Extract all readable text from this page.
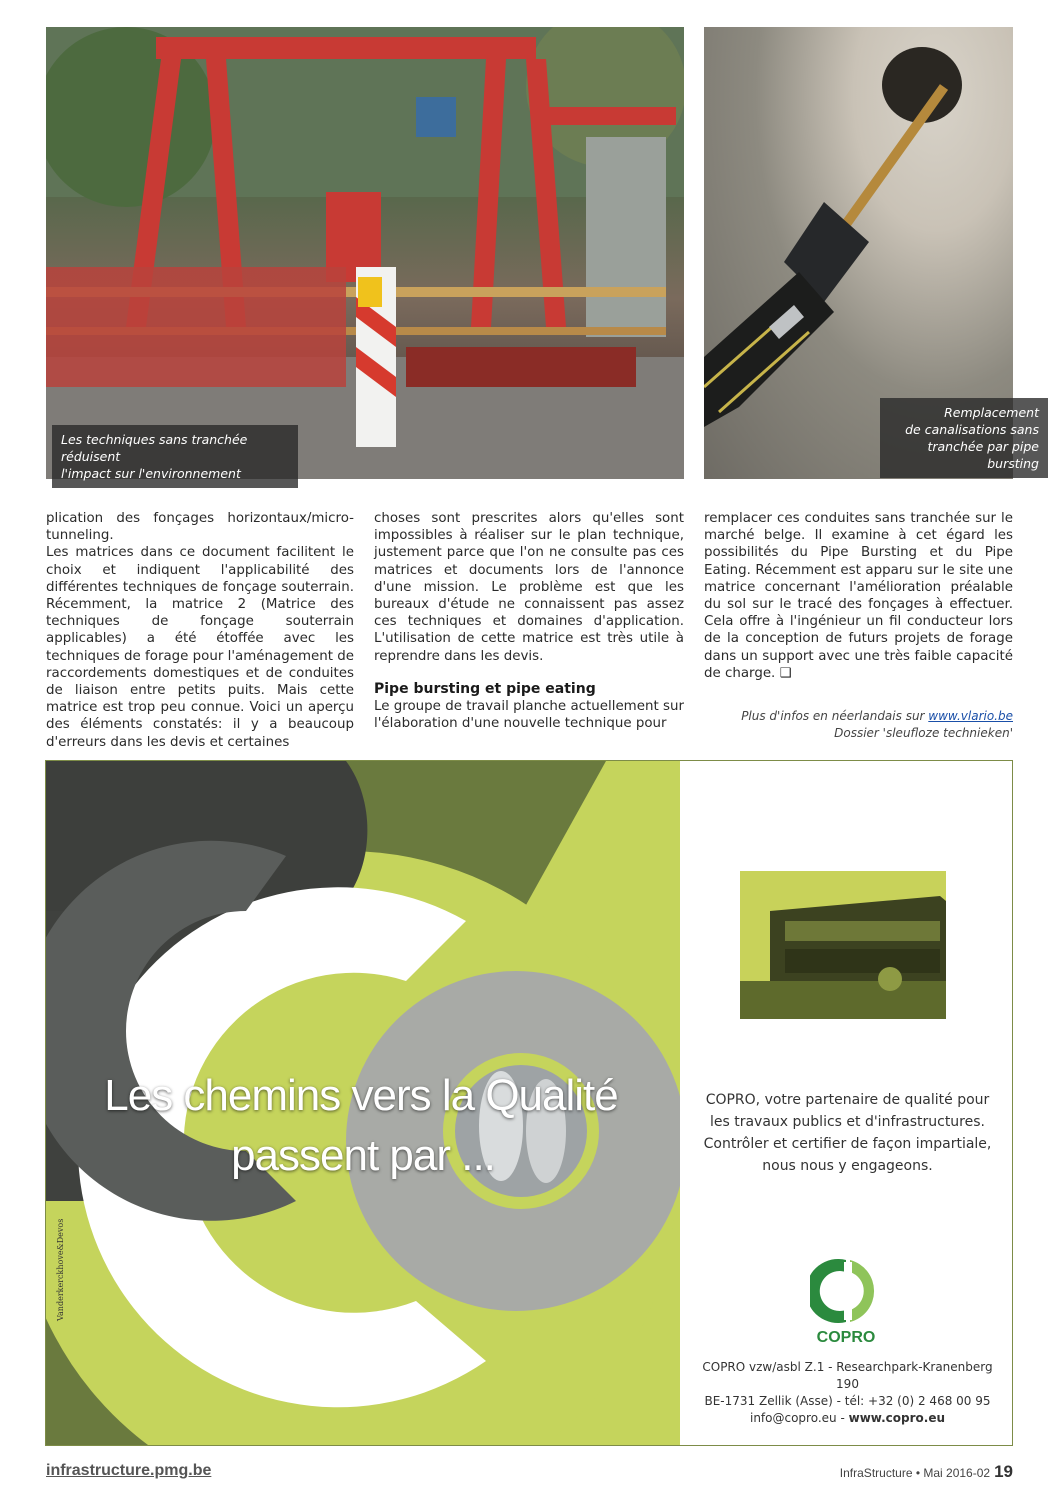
Les techniques sans tranchée réduisent
l'impact sur l'environnement
Remplacement
de canalisations sans
tranchée par pipe bursting

plication des fonçages horizontaux/micro-tunneling.
Les matrices dans ce document facilitent le choix et indiquent l'applicabilité des différentes techniques de fonçage souterrain. Récemment, la matrice 2 (Matrice des techniques de fonçage souterrain applicables) a été étoffée avec les techniques de forage pour l'aménagement de raccordements domestiques et de conduites de liaison entre petits puits. Mais cette matrice est trop peu connue. Voici un aperçu des éléments constatés: il y a beaucoup d'erreurs dans les devis et certaines

choses sont prescrites alors qu'elles sont impossibles à réaliser sur le plan technique, justement parce que l'on ne consulte pas ces matrices et documents lors de l'annonce d'une mission. Le problème est que les bureaux d'étude ne connaissent pas assez ces techniques et domaines d'application. L'utilisation de cette matrice est très utile à reprendre dans les devis.

Pipe bursting et pipe eating

Le groupe de travail planche actuellement sur l'élaboration d'une nouvelle technique pour

remplacer ces conduites sans tranchée sur le marché belge. Il examine à cet égard les possibilités du Pipe Bursting et du Pipe Eating. Récemment est apparu sur le site une matrice concernant l'amélioration préalable du sol sur le tracé des fonçages à effectuer. Cela offre à l'ingénieur un fil conducteur lors de la conception de futurs projets de forage dans un support avec une très faible capacité de charge. ❑

Plus d'infos en néerlandais sur www.vlario.be
Dossier 'sleufloze technieken'
Les chemins vers la Qualité
passent par ...
Vanderkerckhove&Devos
COPRO, votre partenaire de qualité pour les travaux publics et d'infrastructures. Contrôler et certifier de façon impartiale, nous nous y engageons.
COPRO
COPRO vzw/asbl Z.1 - Researchpark-Kranenberg 190
BE-1731 Zellik (Asse) - tél: +32 (0) 2 468 00 95
info@copro.eu - www.copro.eu
infrastructure.pmg.be	InfraStructure • Mai 2016-02 19
